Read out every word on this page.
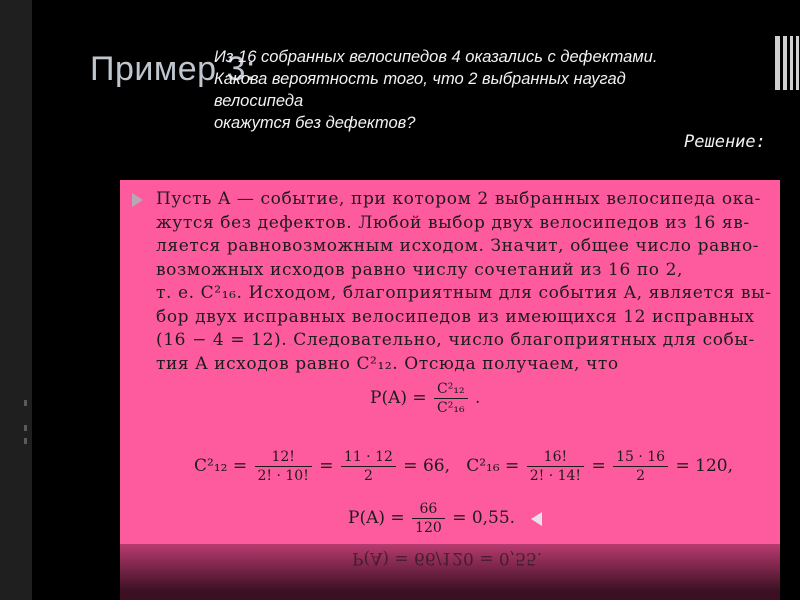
Пример 3:
Из 16 собранных велосипедов 4 оказались с дефектами.
Какова вероятность того, что 2 выбранных наугад
велосипеда
окажутся без дефектов?
Решение:
Пусть A — событие, при котором 2 выбранных велосипеда ока-
жутся без дефектов. Любой выбор двух велосипедов из 16 яв-
ляется равновозможным исходом. Значит, общее число равно-
возможных исходов равно числу сочетаний из 16 по 2,
т. е. C²₁₆. Исходом, благоприятным для события A, является вы-
бор двух исправных велосипедов из имеющихся 12 исправных
(16 − 4 = 12). Следовательно, число благоприятных для собы-
тия A исходов равно C²₁₂. Отсюда получаем, что
$P(A) = \frac{\text{C²₁₂}}{\text{C²₁₆}}$ .
$C^2_{12} = \frac{12!}{2! \cdot 10!} = \frac{11 \cdot 12}{2} = 66$, $C^2_{16} = \frac{16!}{2! \cdot 14!} = \frac{15 \cdot 16}{2} = 120$,
$P(A) = \frac{66}{120} = 0,55$.
P(A) = 66/120 = 0,55.
